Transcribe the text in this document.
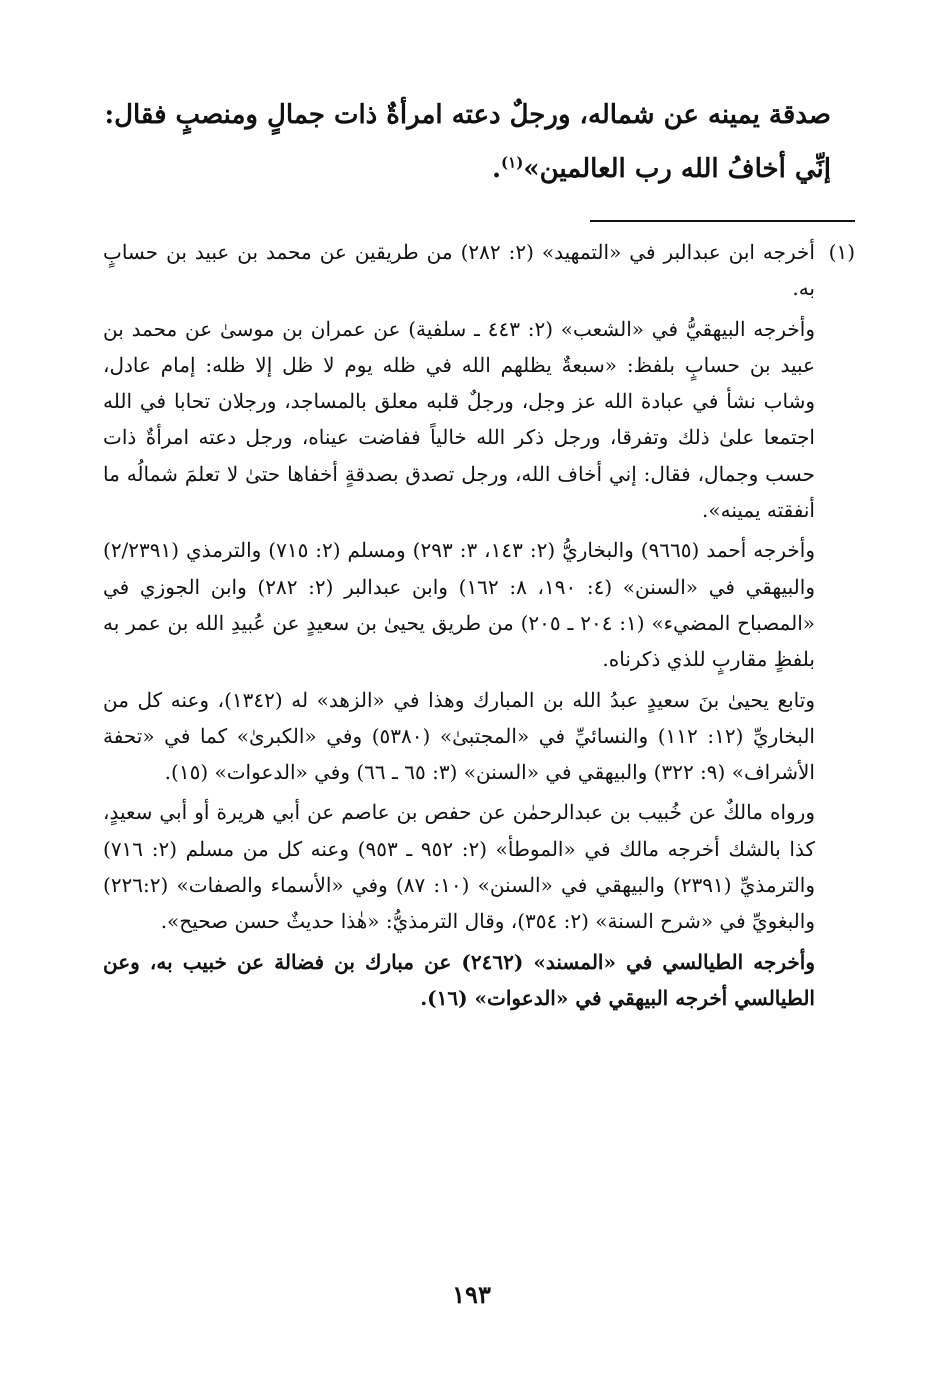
صدقة يمينه عن شماله، ورجلٌ دعته امرأةٌ ذات جمالٍ ومنصبٍ فقال:

إنِّي أخافُ الله رب العالمين»$^{(١)}$.

(١)
أخرجه ابن عبدالبر في «التمهيد» (٢: ٢٨٢) من طريقين عن محمد بن عبيد بن حسابٍ به.

وأخرجه البيهقيُّ في «الشعب» (٢: ٤٤٣ ـ سلفية) عن عمران بن موسىٰ عن محمد بن عبيد بن حسابٍ بلفظ: «سبعةٌ يظلهم الله في ظله يوم لا ظل إلا ظله: إمام عادل، وشاب نشأ في عبادة الله عز وجل، ورجلٌ قلبه معلق بالمساجد، ورجلان تحابا في الله اجتمعا علىٰ ذلك وتفرقا، ورجل ذكر الله خالياً ففاضت عيناه، ورجل دعته امرأةٌ ذات حسب وجمال، فقال: إني أخاف الله، ورجل تصدق بصدقةٍ أخفاها حتىٰ لا تعلمَ شمالُه ما أنفقته يمينه».

وأخرجه أحمد (٩٦٦٥) والبخاريُّ (٢: ١٤٣، ٣: ٢٩٣) ومسلم (٢: ٧١٥) والترمذي (٢/٢٣٩١) والبيهقي في «السنن» (٤: ١٩٠، ٨: ١٦٢) وابن عبدالبر (٢: ٢٨٢) وابن الجوزي في «المصباح المضيء» (١: ٢٠٤ ـ ٢٠٥) من طريق يحيىٰ بن سعيدٍ عن عُبيدِ الله بن عمر به بلفظٍ مقاربٍ للذي ذكرناه.

وتابع يحيىٰ بنَ سعيدٍ عبدُ الله بن المبارك وهذا في «الزهد» له (١٣٤٢)، وعنه كل من البخاريِّ (١٢: ١١٢) والنسائيِّ في «المجتبىٰ» (٥٣٨٠) وفي «الكبرىٰ» كما في «تحفة الأشراف» (٩: ٣٢٢) والبيهقي في «السنن» (٣: ٦٥ ـ ٦٦) وفي «الدعوات» (١٥).

ورواه مالكٌ عن خُبيب بن عبدالرحمٰن عن حفص بن عاصم عن أبي هريرة أو أبي سعيدٍ، كذا بالشك أخرجه مالك في «الموطأ» (٢: ٩٥٢ ـ ٩٥٣) وعنه كل من مسلم (٢: ٧١٦) والترمذيِّ (٢٣٩١) والبيهقي في «السنن» (١٠: ٨٧) وفي «الأسماء والصفات» (٢٢٦:٢) والبغويِّ في «شرح السنة» (٢: ٣٥٤)، وقال الترمذيُّ: «هٰذا حديثٌ حسن صحيح».

وأخرجه الطيالسي في «المسند» (٢٤٦٢) عن مبارك بن فضالة عن خبيب به، وعن الطيالسي أخرجه البيهقي في «الدعوات» (١٦).

١٩٣
